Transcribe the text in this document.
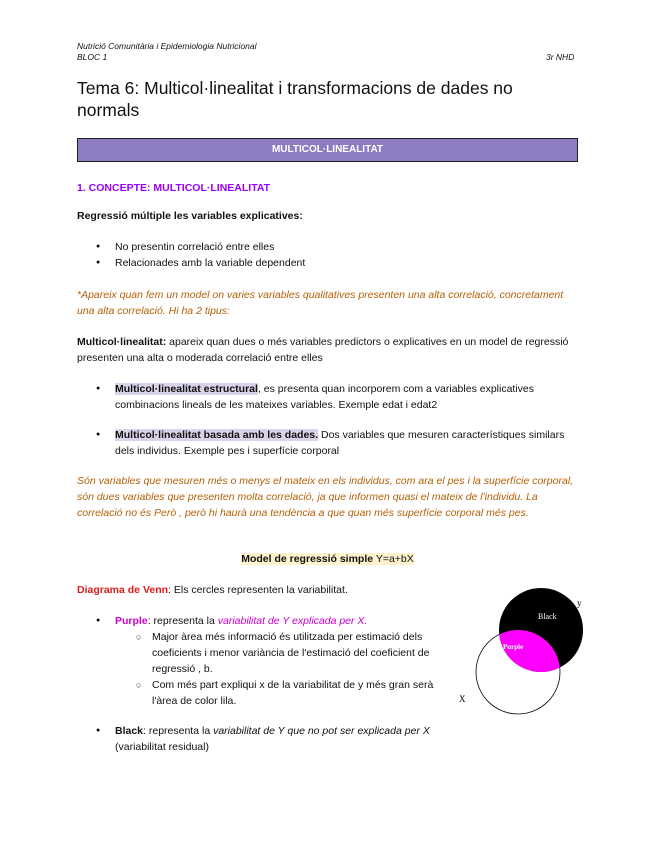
Nutrició Comunitària i Epidemiologia Nutricional
BLOC 1	3r NHD
Tema 6: Multicol·linealitat i transformacions de dades no normals
MULTICOL·LINEALITAT
1. CONCEPTE: MULTICOL·LINEALITAT
Regressió múltiple les variables explicatives:
● No presentin correlació entre elles
● Relacionades amb la variable dependent
*Apareix quan fem un model on varies variables qualitatives presenten una alta correlació, concretament una alta correlació. Hi ha 2 tipus:
Multicol·linealitat: apareix quan dues o més variables predictors o explicatives en un model de regressió presenten una alta o moderada correlació entre elles
● Multicol·linealitat estructural, es presenta quan incorporem com a variables explicatives combinacions lineals de les mateixes variables. Exemple edat i edat2
● Multicol·linealitat basada amb les dades. Dos variables que mesuren característiques similars dels individus. Exemple pes i superfície corporal
Són variables que mesuren més o menys el mateix en els individus, com ara el pes i la superfície corporal, són dues variables que presenten molta correlació, ja que informen quasi el mateix de l'individu. La correlació no és Però , però hi haurà una tendència a que quan més superfície corporal més pes.
Model de regressió simple Y=a+bX
Diagrama de Venn: Els cercles representen la variabilitat.
● Purple: representa la variabilitat de Y explicada per X.
○ Major àrea més informació és utilitzada per estimació dels coeficients i menor variància de l'estimació del coeficient de regressió , b.
○ Com més part expliqui x de la variabilitat de y més gran serà l'àrea de color lila.
● Black: representa la variabilitat de Y que no pot ser explicada per X (variabilitat residual)
Black
Purple
y
X
